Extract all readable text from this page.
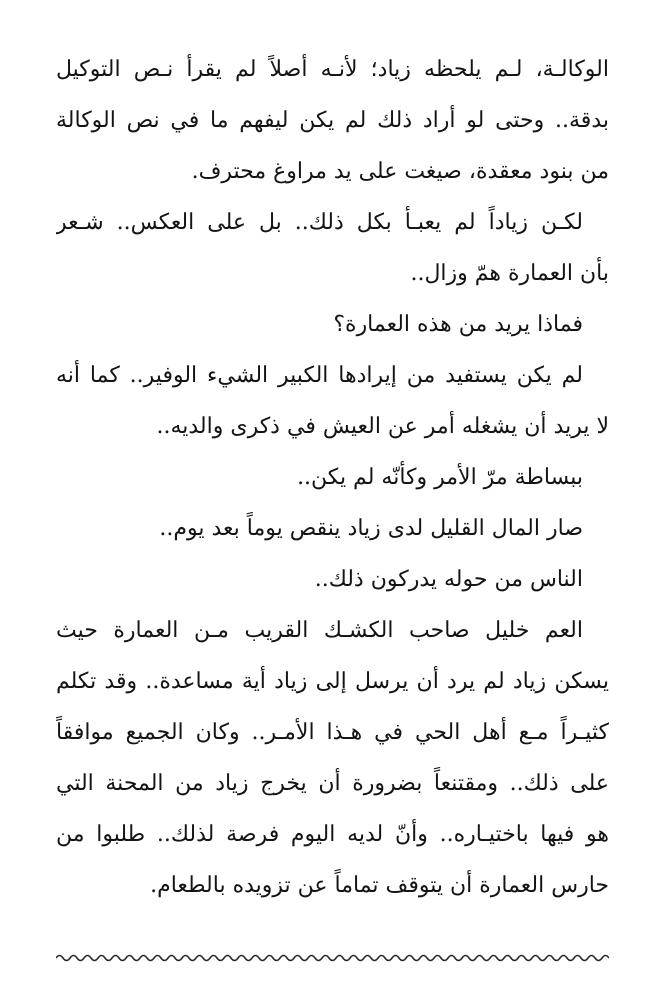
الوكالـة، لـم يلحظه زياد؛ لأنـه أصلاً لم يقرأ نـص التوكيل
بدقة.. وحتى لو أراد ذلك لم يكن ليفهم ما في نص الوكالة
من بنود معقدة، صيغت على يد مراوغ محترف.
لكـن زياداً لم يعبـأ بكل ذلك.. بل على العكس.. شـعر
بأن العمارة همّ وزال..
فماذا يريد من هذه العمارة؟
لم يكن يستفيد من إيرادها الكبير الشيء الوفير.. كما أنه
لا يريد أن يشغله أمر عن العيش في ذكرى والديه..
ببساطة مرّ الأمر وكأنّه لم يكن..
صار المال القليل لدى زياد ينقص يوماً بعد يوم..
الناس من حوله يدركون ذلك..
العم خليل صاحب الكشـك القريب مـن العمارة حيث
يسكن زياد لم يرد أن يرسل إلى زياد أية مساعدة.. وقد تكلم
كثيـراً مـع أهل الحي في هـذا الأمـر.. وكان الجميع موافقاً
على ذلك.. ومقتنعاً بضرورة أن يخرج زياد من المحنة التي
هو فيها باختيـاره.. وأنّ لديه اليوم فرصة لذلك.. طلبوا من
حارس العمارة أن يتوقف تماماً عن تزويده بالطعام.
